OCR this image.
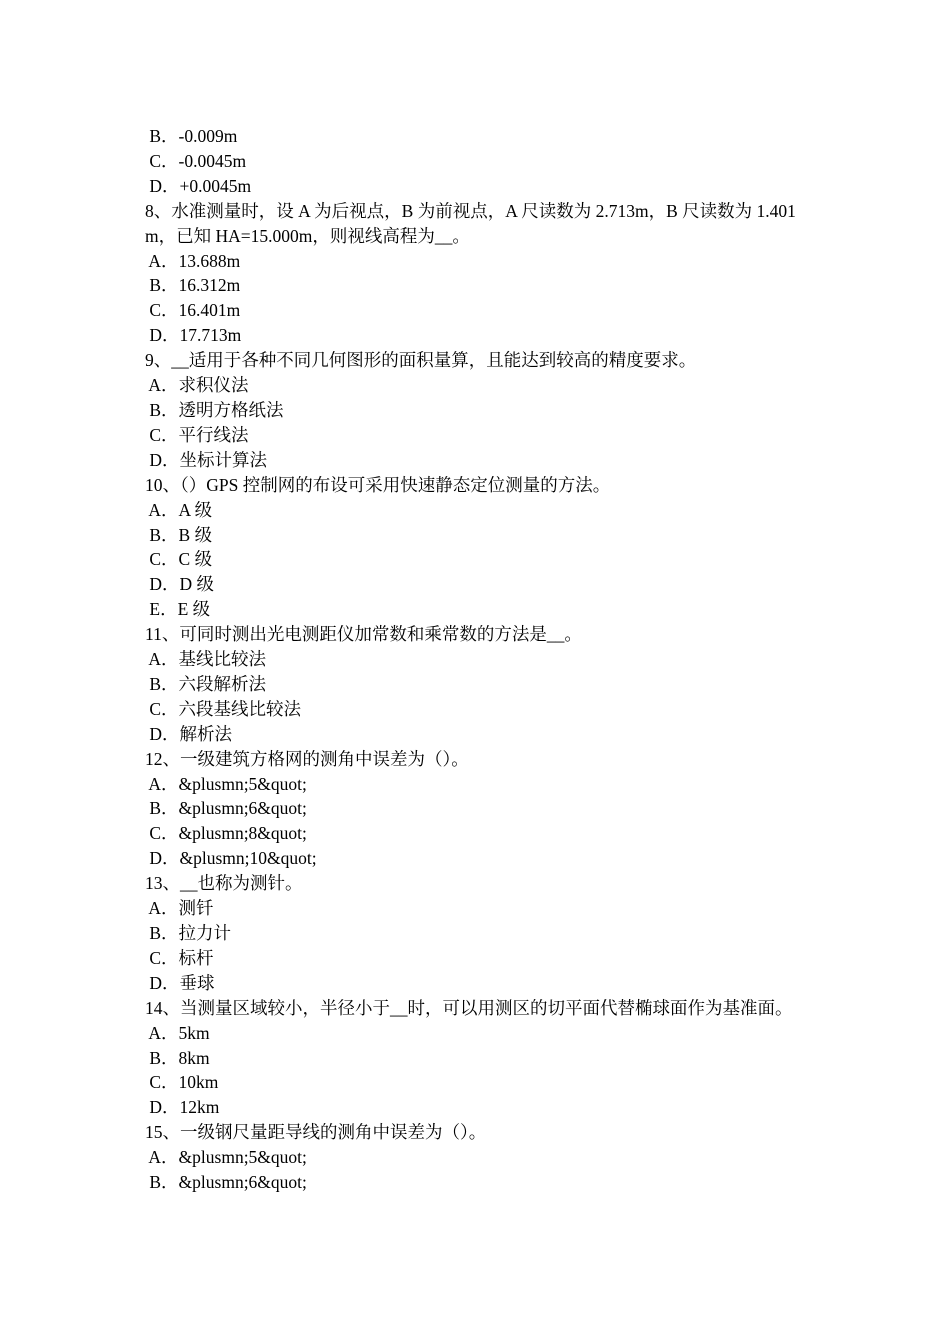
B．-0.009m
C．-0.0045m
D．+0.0045m
8、水准测量时，设 A 为后视点，B 为前视点，A 尺读数为 2.713m，B 尺读数为 1.401m，已知 HA=15.000m，则视线高程为__。
A．13.688m
B．16.312m
C．16.401m
D．17.713m
9、__适用于各种不同几何图形的面积量算，且能达到较高的精度要求。
A．求积仪法
B．透明方格纸法
C．平行线法
D．坐标计算法
10、（）GPS 控制网的布设可采用快速静态定位测量的方法。
A．A 级
B．B 级
C．C 级
D．D 级
E．E 级
11、可同时测出光电测距仪加常数和乘常数的方法是__。
A．基线比较法
B．六段解析法
C．六段基线比较法
D．解析法
12、一级建筑方格网的测角中误差为（）。
A．&plusmn;5&quot;
B．&plusmn;6&quot;
C．&plusmn;8&quot;
D．&plusmn;10&quot;
13、__也称为测针。
A．测钎
B．拉力计
C．标杆
D．垂球
14、当测量区域较小，半径小于__时，可以用测区的切平面代替椭球面作为基准面。
A．5km
B．8km
C．10km
D．12km
15、一级钢尺量距导线的测角中误差为（）。
A．&plusmn;5&quot;
B．&plusmn;6&quot;
